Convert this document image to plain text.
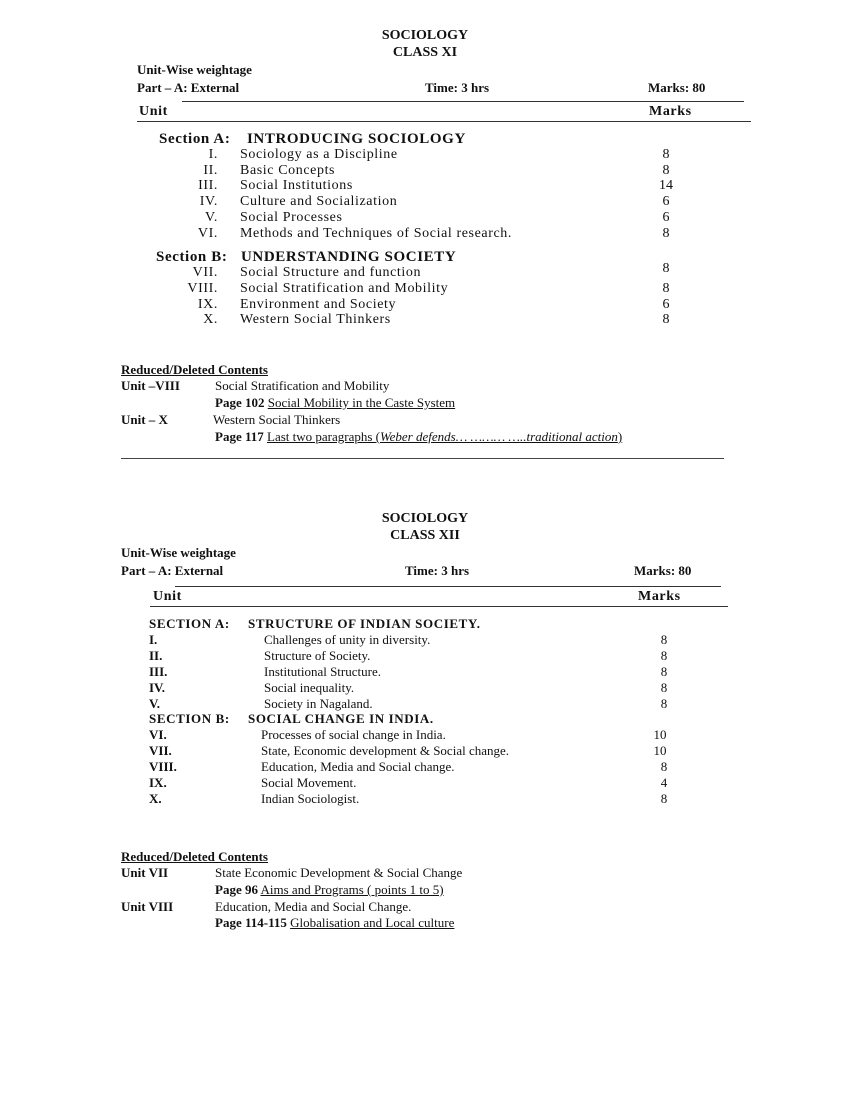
SOCIOLOGY
CLASS XI
Unit-Wise weightage
Part – A: External	Time: 3 hrs	Marks: 80
Unit	Marks
Section A: INTRODUCING SOCIOLOGY
I. Sociology as a Discipline	8
II. Basic Concepts	8
III. Social Institutions	14
IV. Culture and Socialization	6
V. Social Processes	6
VI. Methods and Techniques of Social research.	8
Section B: UNDERSTANDING SOCIETY
VII. Social Structure and function	8
VIII. Social Stratification and Mobility	8
IX. Environment and Society	6
X. Western Social Thinkers	8
Reduced/Deleted Contents
Unit –VIII	Social Stratification and Mobility
Page 102 Social Mobility in the Caste System
Unit – X	Western Social Thinkers
Page 117 Last two paragraphs (Weber defends… ……… …..traditional action)
SOCIOLOGY
CLASS XII
Unit-Wise weightage
Part – A: External	Time: 3 hrs	Marks: 80
Unit	Marks
SECTION A: STRUCTURE OF INDIAN SOCIETY.
I.	Challenges of unity in diversity.	8
II.	Structure of Society.	8
III.	Institutional Structure.	8
IV.	Social inequality.	8
V.	Society in Nagaland.	8
SECTION B: SOCIAL CHANGE IN INDIA.
VI.	Processes of social change in India.	10
VII.	State, Economic development & Social change.	10
VIII.	Education, Media and Social change.	8
IX.	Social Movement.	4
X.	Indian Sociologist.	8
Reduced/Deleted Contents
Unit VII	State Economic Development & Social Change
Page 96 Aims and Programs ( points 1 to 5)
Unit VIII	Education, Media and Social Change.
Page 114-115 Globalisation and Local culture
